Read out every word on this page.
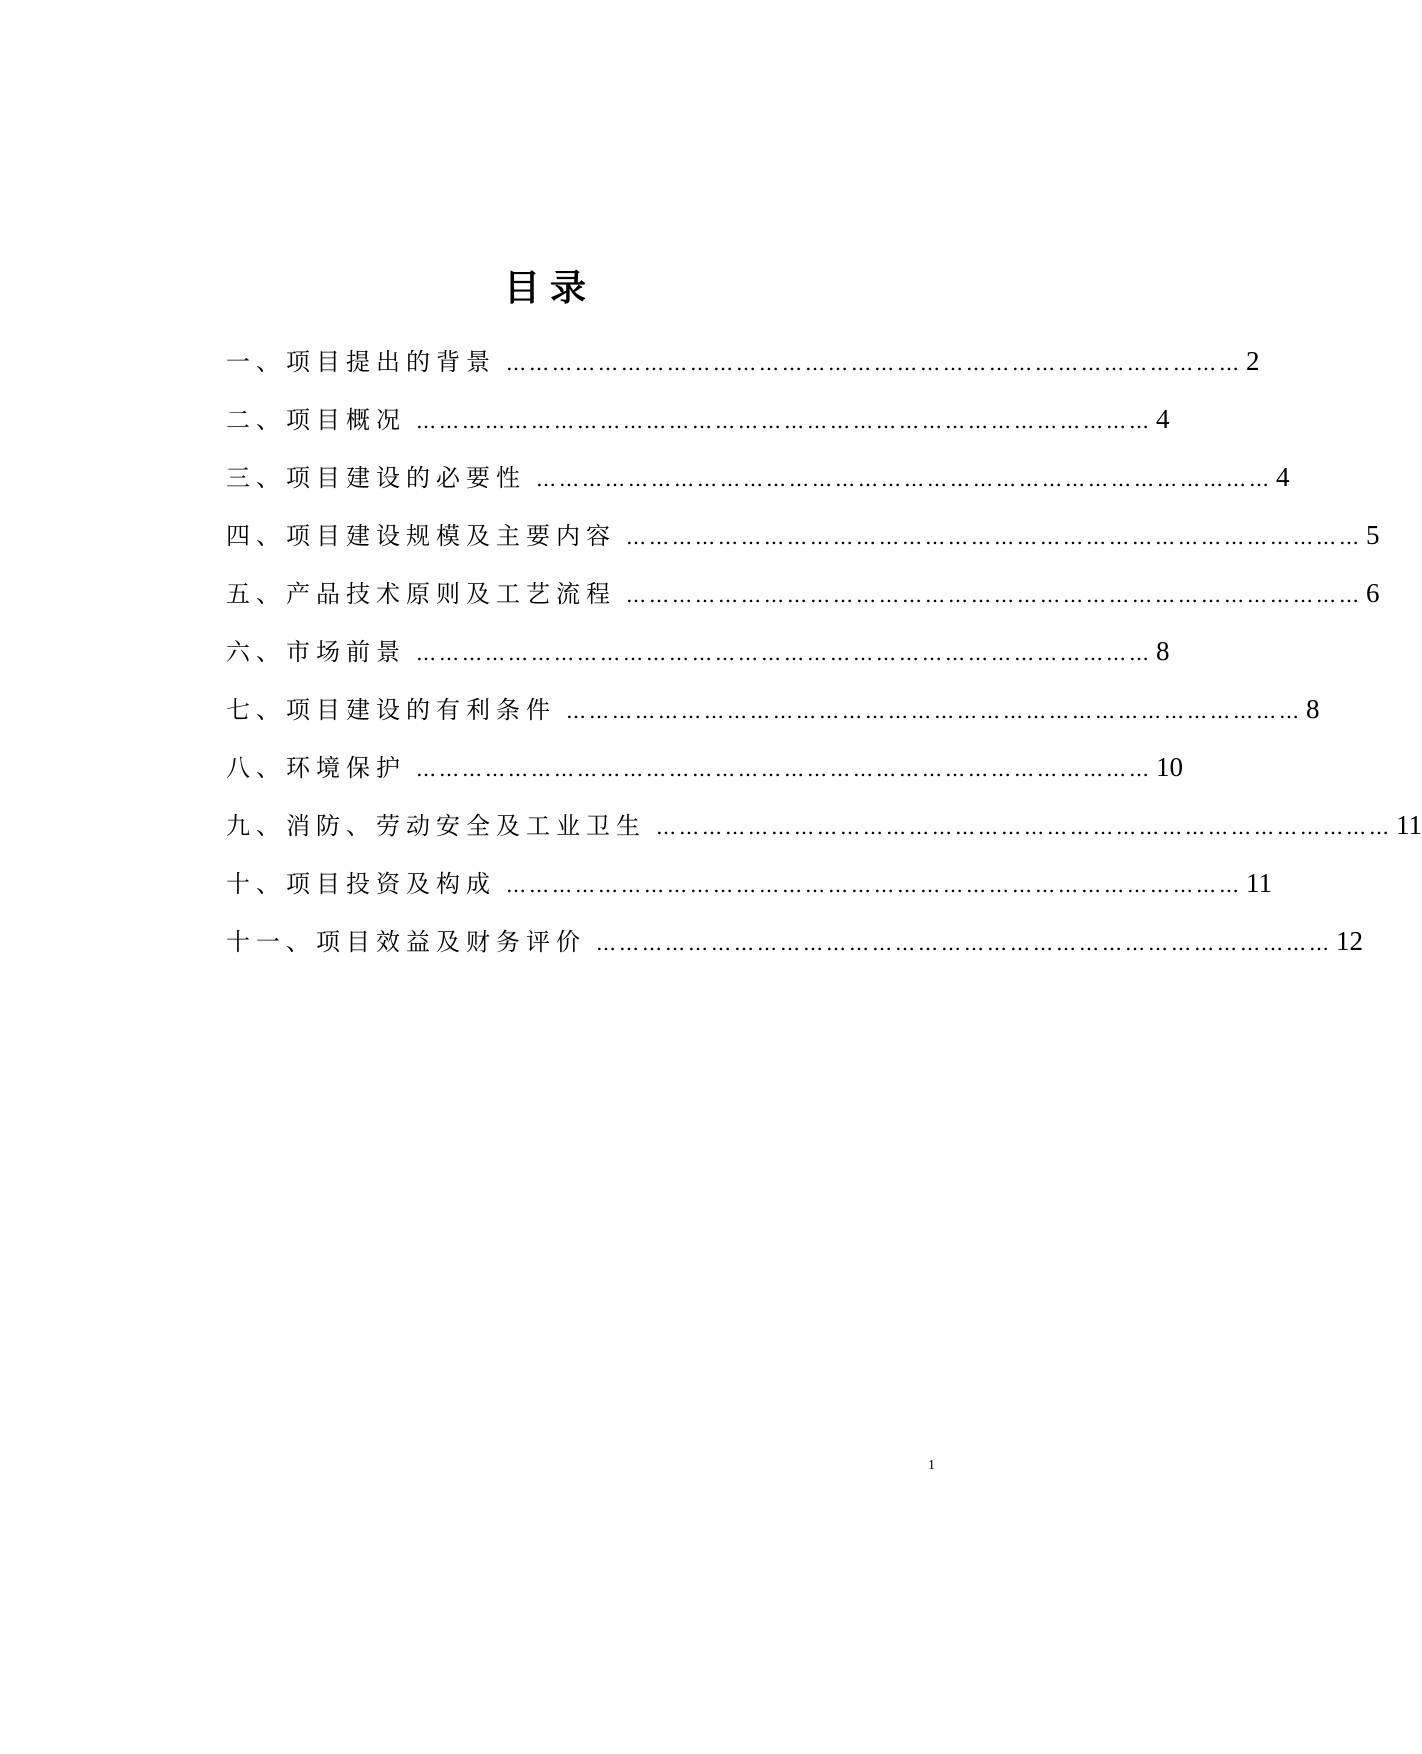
目录
一、 项目提出的背景 …………………………………………………………………………………… 2
二、 项目概况 …………………………………………………………………………………… 4
三、 项目建设的必要性 …………………………………………………………………………………… 4
四、 项目建设规模及主要内容 …………………………………………………………………………………… 5
五、 产品技术原则及工艺流程 …………………………………………………………………………………… 6
六、 市场前景 …………………………………………………………………………………… 8
七、 项目建设的有利条件 …………………………………………………………………………………… 8
八、 环境保护 …………………………………………………………………………………… 10
九、 消防、劳动安全及工业卫生 …………………………………………………………………………………… 11
十、 项目投资及构成 …………………………………………………………………………………… 11
十一、 项目效益及财务评价 …………………………………………………………………………………… 12
1
